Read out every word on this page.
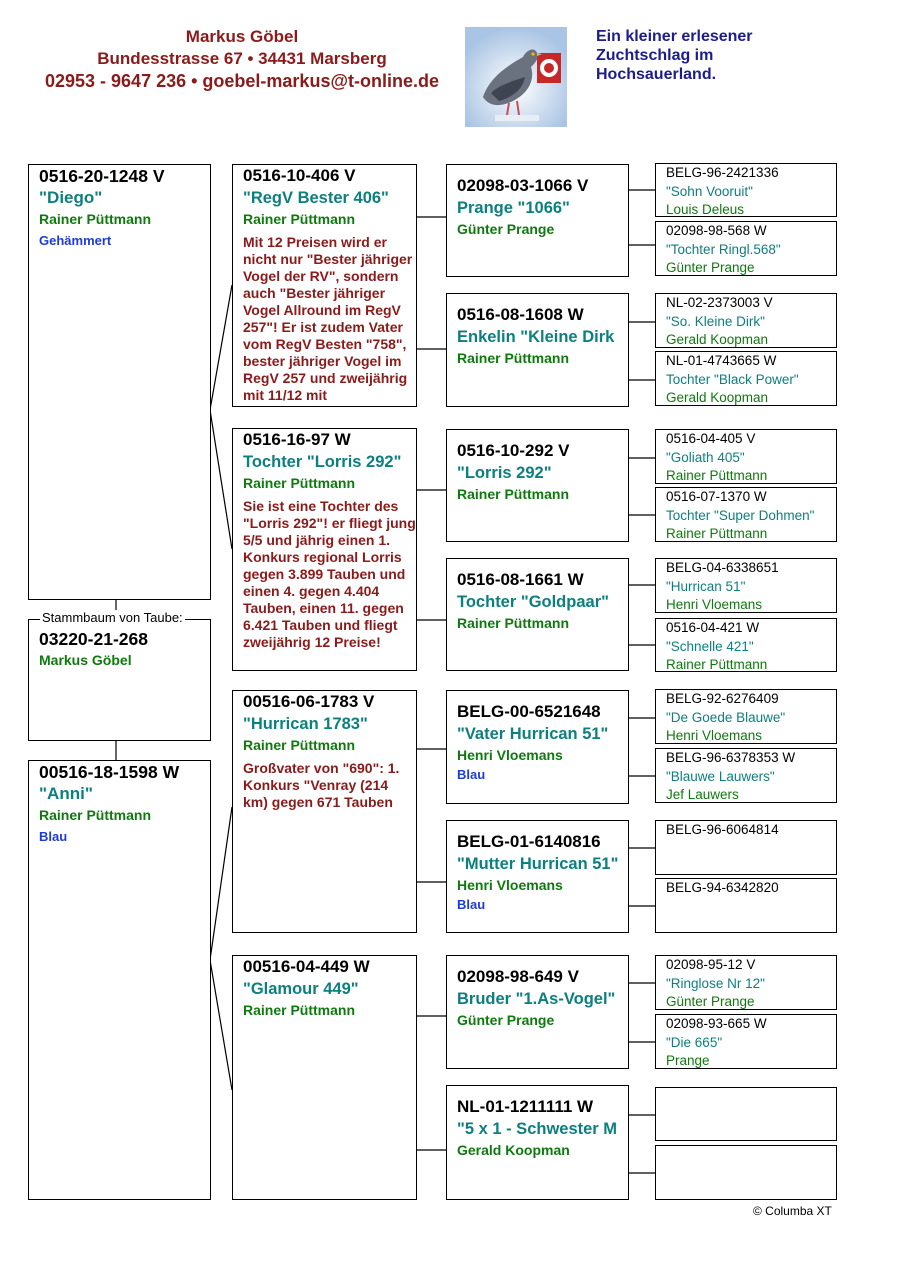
Markus Göbel
Bundesstrasse 67 • 34431 Marsberg
02953 - 9647 236 • goebel-markus@t-online.de
Ein kleiner erlesener
Zuchtschlag im
Hochsauerland.
0516-20-1248 V
"Diego"
Rainer Püttmann
Gehämmert
03220-21-268
Markus Göbel
Stammbaum von Taube:
00516-18-1598 W
"Anni"
Rainer Püttmann
Blau
0516-10-406 V
"RegV Bester 406"
Rainer Püttmann
Mit 12 Preisen wird er nicht nur "Bester jähriger Vogel der RV", sondern auch "Bester jähriger Vogel Allround im RegV 257"! Er ist zudem Vater vom RegV Besten "758", bester jähriger Vogel im RegV 257 und zweijährig mit 11/12 mit
0516-16-97 W
Tochter "Lorris 292"
Rainer Püttmann
Sie ist eine Tochter des "Lorris 292"! er fliegt jung 5/5 und jährig einen 1. Konkurs regional Lorris gegen 3.899 Tauben und einen 4. gegen 4.404 Tauben, einen 11. gegen 6.421 Tauben und fliegt zweijährig 12 Preise!
00516-06-1783 V
"Hurrican 1783"
Rainer Püttmann
Großvater von "690": 1. Konkurs "Venray (214 km) gegen 671 Tauben
00516-04-449 W
"Glamour 449"
Rainer Püttmann
02098-03-1066 V
Prange "1066"
Günter Prange
0516-08-1608 W
Enkelin "Kleine Dirk
Rainer Püttmann
0516-10-292 V
"Lorris 292"
Rainer Püttmann
0516-08-1661 W
Tochter "Goldpaar"
Rainer Püttmann
BELG-00-6521648
"Vater Hurrican 51"
Henri Vloemans
Blau
BELG-01-6140816
"Mutter Hurrican 51"
Henri Vloemans
Blau
02098-98-649 V
Bruder "1.As-Vogel"
Günter Prange
NL-01-1211111 W
"5 x 1 - Schwester M
Gerald Koopman
BELG-96-2421336
"Sohn Vooruit"
Louis Deleus
02098-98-568 W
"Tochter Ringl.568"
Günter Prange
NL-02-2373003 V
"So. Kleine Dirk"
Gerald Koopman
NL-01-4743665 W
Tochter "Black Power"
Gerald Koopman
0516-04-405 V
"Goliath 405"
Rainer Püttmann
0516-07-1370 W
Tochter "Super Dohmen"
Rainer Püttmann
BELG-04-6338651
"Hurrican 51"
Henri Vloemans
0516-04-421 W
"Schnelle 421"
Rainer Püttmann
BELG-92-6276409
"De Goede Blauwe"
Henri Vloemans
BELG-96-6378353 W
"Blauwe Lauwers"
Jef Lauwers
BELG-96-6064814
BELG-94-6342820
02098-95-12 V
"Ringlose Nr 12"
Günter Prange
02098-93-665 W
"Die 665"
Prange
© Columba XT
